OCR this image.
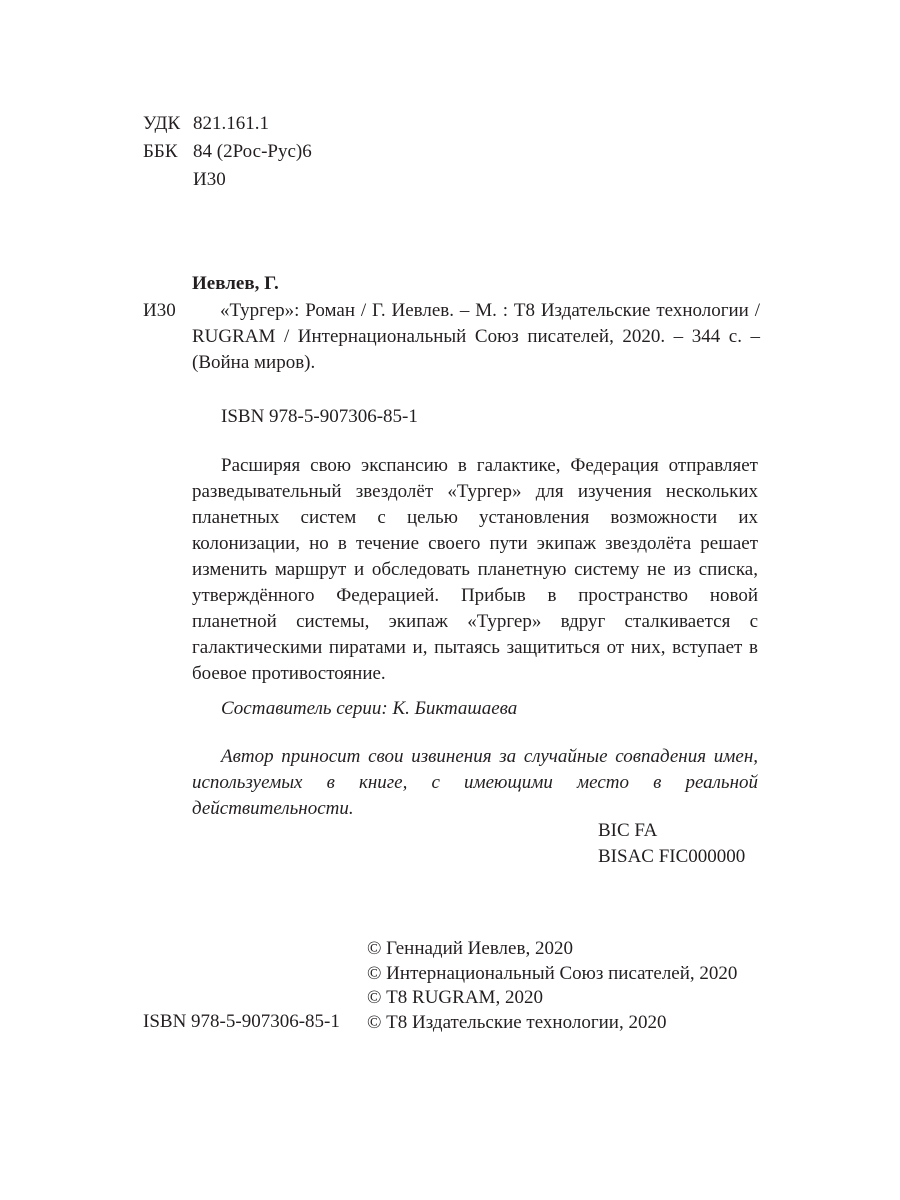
УДК 821.161.1
ББК 84 (2Рос-Рус)6
И30
Иевлев, Г.
И30	«Тургер»: Роман / Г. Иевлев. – М. : Т8 Издательские технологии / RUGRAM / Интернациональный Союз писателей, 2020. – 344 с. – (Война миров).
ISBN 978-5-907306-85-1
Расширяя свою экспансию в галактике, Федерация отправляет разведывательный звездолёт «Тургер» для изучения нескольких планетных систем с целью установления возможности их колонизации, но в течение своего пути экипаж звездолёта решает изменить маршрут и обследовать планетную систему не из списка, утверждённого Федерацией. Прибыв в пространство новой планетной системы, экипаж «Тургер» вдруг сталкивается с галактическими пиратами и, пытаясь защититься от них, вступает в боевое противостояние.
Составитель серии: К. Бикташаева
Автор приносит свои извинения за случайные совпадения имен, используемых в книге, с имеющими место в реальной действительности.
BIC FA
BISAC FIC000000
© Геннадий Иевлев, 2020
© Интернациональный Союз писателей, 2020
© Т8 RUGRAM, 2020
© Т8 Издательские технологии, 2020
ISBN 978-5-907306-85-1
